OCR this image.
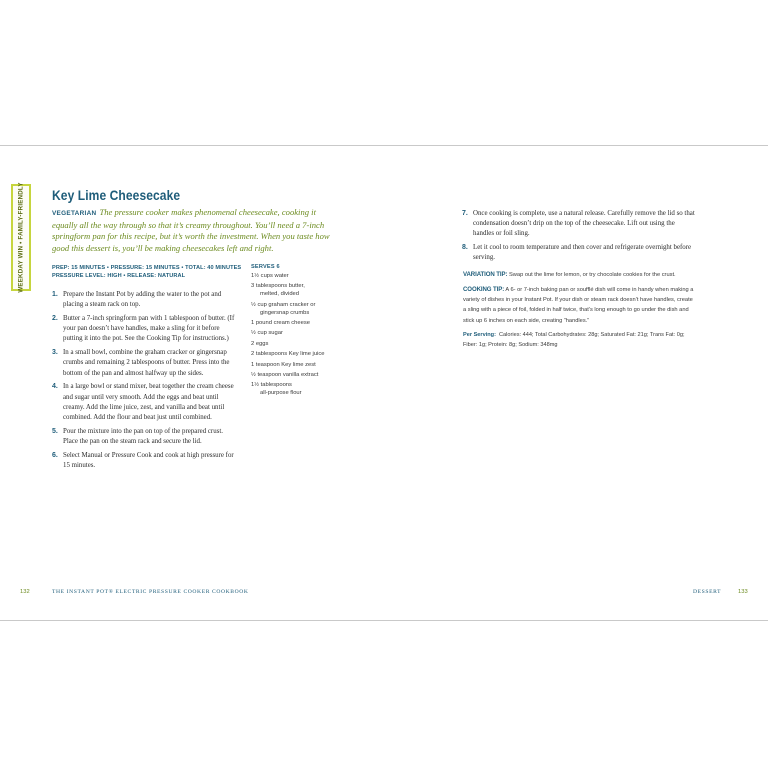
WEEKDAY WIN • FAMILY-FRIENDLY Key Lime Cheesecake
VEGETARIAN The pressure cooker makes phenomenal cheesecake, cooking it equally all the way through so that it’s creamy throughout. You’ll need a 7-inch springform pan for this recipe, but it’s worth the investment. When you taste how good this dessert is, you’ll be making cheesecakes left and right.
PREP: 15 MINUTES • PRESSURE: 15 MINUTES • TOTAL: 40 MINUTES
PRESSURE LEVEL: HIGH • RELEASE: NATURAL
1. Prepare the Instant Pot by adding the water to the pot and placing a steam rack on top.
2. Butter a 7-inch springform pan with 1 tablespoon of butter. (If your pan doesn’t have handles, make a sling for it before putting it into the pot. See the Cooking Tip for instructions.)
3. In a small bowl, combine the graham cracker or gingersnap crumbs and remaining 2 tablespoons of butter. Press into the bottom of the pan and almost halfway up the sides.
4. In a large bowl or stand mixer, beat together the cream cheese and sugar until very smooth. Add the eggs and beat until creamy. Add the lime juice, zest, and vanilla and beat until combined. Add the flour and beat just until combined.
5. Pour the mixture into the pan on top of the prepared crust. Place the pan on the steam rack and secure the lid.
6. Select Manual or Pressure Cook and cook at high pressure for 15 minutes.
SERVES 6
1½ cups water
3 tablespoons butter,
melted, divided
½ cup graham cracker or
gingersnap crumbs
1 pound cream cheese
½ cup sugar
2 eggs
2 tablespoons Key lime juice
1 teaspoon Key lime zest
½ teaspoon vanilla extract
1½ tablespoons
all-purpose flour
7. Once cooking is complete, use a natural release. Carefully remove the lid so that condensation doesn’t drip on the top of the cheesecake. Lift out using the handles or foil sling.
8. Let it cool to room temperature and then cover and refrigerate overnight before serving.
VARIATION TIP: Swap out the lime for lemon, or try chocolate cookies for the crust.
COOKING TIP: A 6- or 7-inch baking pan or soufflé dish will come in handy when making a variety of dishes in your Instant Pot. If your dish or steam rack doesn’t have handles, create a sling with a piece of foil, folded in half twice, that’s long enough to go under the dish and stick up 6 inches on each side, creating “handles.”
Per Serving: Calories: 444; Total Carbohydrates: 28g; Saturated Fat: 21g; Trans Fat: 0g; Fiber: 1g; Protein: 8g; Sodium: 348mg
132	THE INSTANT POT® ELECTRIC PRESSURE COOKER COOKBOOK	DESSERT	133
